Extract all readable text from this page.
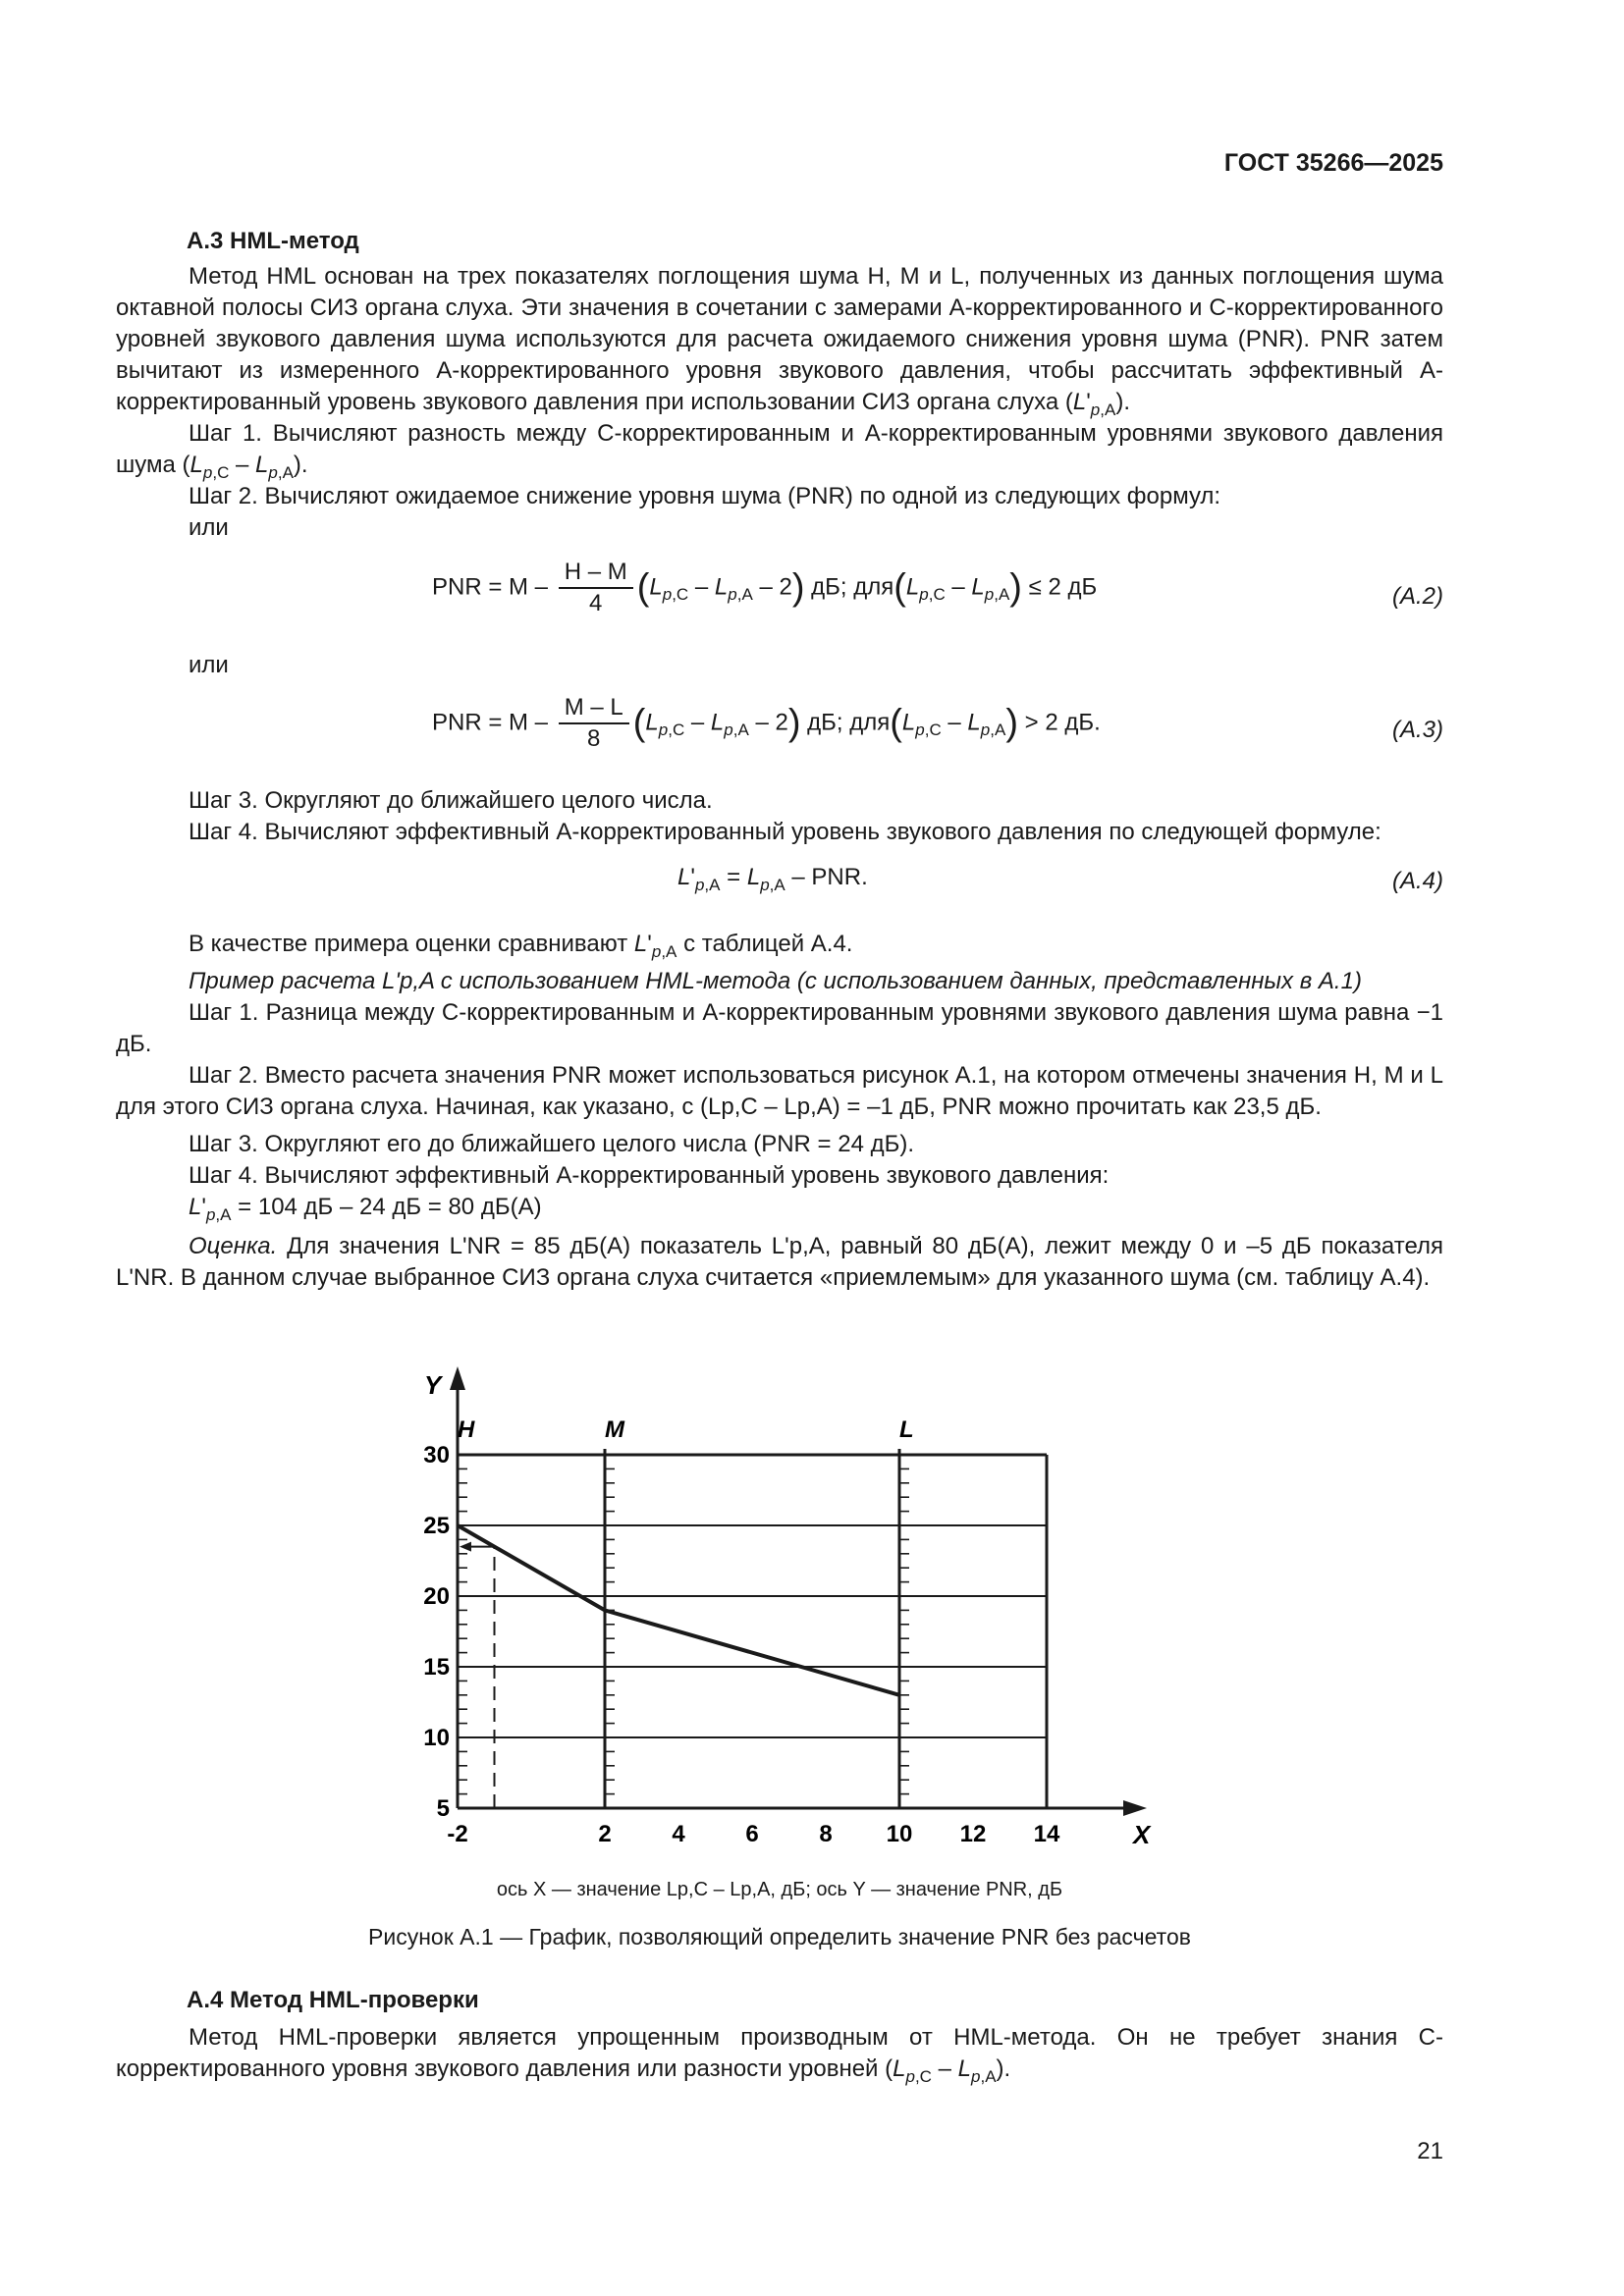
ГОСТ 35266—2025
А.3 HML-метод
Метод HML основан на трех показателях поглощения шума H, M и L, полученных из данных поглощения шума октавной полосы СИЗ органа слуха. Эти значения в сочетании с замерами А-корректированного и С-корректированного уровней звукового давления шума используются для расчета ожидаемого снижения уровня шума (PNR). PNR затем вычитают из измеренного А-корректированного уровня звукового давления, чтобы рассчитать эффективный А-корректированный уровень звукового давления при использовании СИЗ органа слуха $(L'_{p,A})$.
Шаг 1. Вычисляют разность между С-корректированным и А-корректированным уровнями звукового давления шума $(L_{p,C} - L_{p,A})$.
Шаг 2. Вычисляют ожидаемое снижение уровня шума (PNR) по одной из следующих формул:
или
PNR = M – $\frac{H - M}{4} (L_{p,C} - L_{p,A} - 2)$ дБ; $для(L_{p,C} - L_{p,A}) \le 2$ дБ	(А.2)
или
PNR = M – $\frac{M - L}{8} (L_{p,C} - L_{p,A} - 2)$ дБ; $для(L_{p,C} - L_{p,A}) > 2$ дБ.	(А.3)
Шаг 3. Округляют до ближайшего целого числа.
Шаг 4. Вычисляют эффективный А-корректированный уровень звукового давления по следующей формуле:
$L'_{p,A} = L_{p,A}$ – PNR.	(А.4)
В качестве примера оценки сравнивают $L'_{p,A}$ с таблицей А.4.
Пример расчета L'p,A с использованием HML-метода (с использованием данных, представленных в А.1)
Шаг 1. Разница между С-корректированным и А-корректированным уровнями звукового давления шума равна −1 дБ.
Шаг 2. Вместо расчета значения PNR может использоваться рисунок А.1, на котором отмечены значения H, M и L для этого СИЗ органа слуха. Начиная, как указано, с (Lp,C – Lp,A) = –1 дБ, PNR можно прочитать как 23,5 дБ.
Шаг 3. Округляют его до ближайшего целого числа (PNR = 24 дБ).
Шаг 4. Вычисляют эффективный А-корректированный уровень звукового давления:
$L'_{p,A} = 104$ дБ – 24 дБ = 80 дБ(А)
Оценка. Для значения L'NR = 85 дБ(А) показатель L'p,A, равный 80 дБ(А), лежит между 0 и –5 дБ показателя L'NR. В данном случае выбранное СИЗ органа слуха считается «приемлемым» для указанного шума (см. таблицу А.4).
H	M	L
5
10
15
20
25
30
-2	2	4	6	8 10 12 14	X
Y
ось X — значение Lp,C – Lp,A, дБ; ось Y — значение PNR, дБ
Рисунок А.1 — График, позволяющий определить значение PNR без расчетов
А.4 Метод HML-проверки
Метод HML-проверки является упрощенным производным от HML-метода. Он не требует знания С-корректированного уровня звукового давления или разности уровней $(L_{p,C} - L_{p,A})$.
21
